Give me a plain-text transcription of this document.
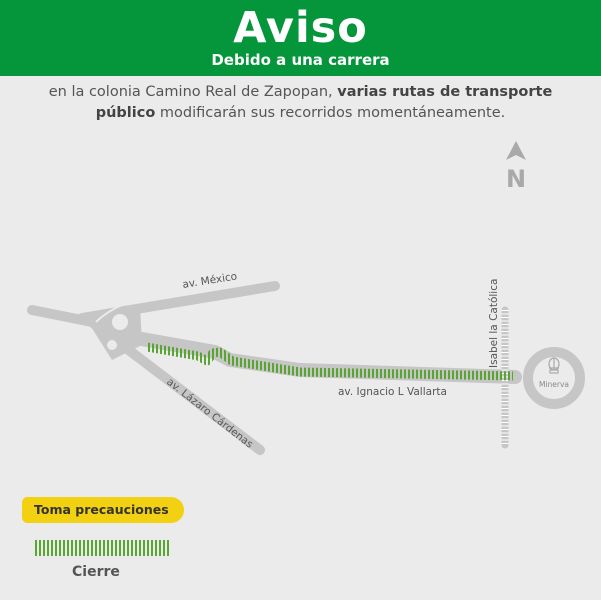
Aviso
Debido a una carrera
en la colonia Camino Real de Zapopan, varias rutas de transporte público modificarán sus recorridos momentáneamente.
N
Minerva
av. México
av. Lázaro Cárdenas	av. Ignacio L Vallarta
Isabel la Católica
Toma precauciones
Cierre
